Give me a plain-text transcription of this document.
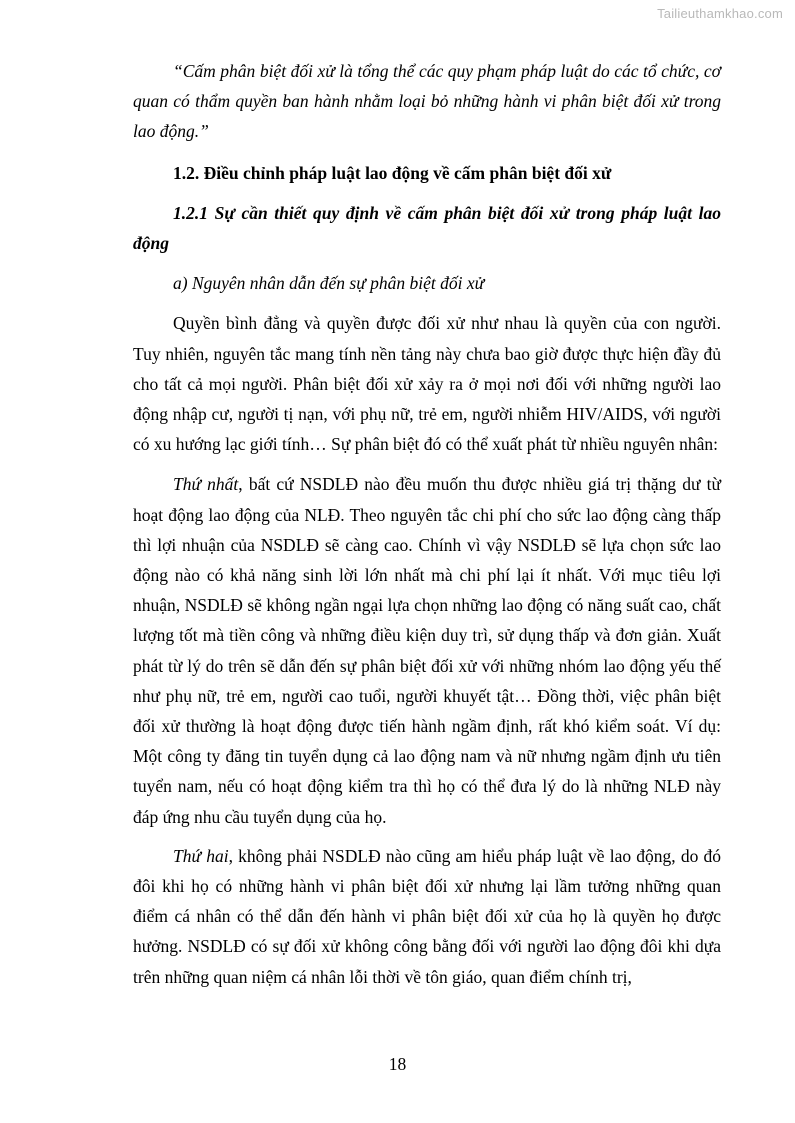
Tailieuthamkhao.com

“Cấm phân biệt đối xử là tổng thể các quy phạm pháp luật do các tổ chức, cơ quan có thẩm quyền ban hành nhằm loại bỏ những hành vi phân biệt đối xử trong lao động.”

1.2. Điều chỉnh pháp luật lao động về cấm phân biệt đối xử
1.2.1 Sự cần thiết quy định về cấm phân biệt đối xử trong pháp luật lao động
a) Nguyên nhân dẫn đến sự phân biệt đối xử

Quyền bình đẳng và quyền được đối xử như nhau là quyền của con người. Tuy nhiên, nguyên tắc mang tính nền tảng này chưa bao giờ được thực hiện đầy đủ cho tất cả mọi người. Phân biệt đối xử xảy ra ở mọi nơi đối với những người lao động nhập cư, người tị nạn, với phụ nữ, trẻ em, người nhiễm HIV/AIDS, với người có xu hướng lạc giới tính… Sự phân biệt đó có thể xuất phát từ nhiều nguyên nhân:

Thứ nhất, bất cứ NSDLĐ nào đều muốn thu được nhiều giá trị thặng dư từ hoạt động lao động của NLĐ. Theo nguyên tắc chi phí cho sức lao động càng thấp thì lợi nhuận của NSDLĐ sẽ càng cao. Chính vì vậy NSDLĐ sẽ lựa chọn sức lao động nào có khả năng sinh lời lớn nhất mà chi phí lại ít nhất. Với mục tiêu lợi nhuận, NSDLĐ sẽ không ngần ngại lựa chọn những lao động có năng suất cao, chất lượng tốt mà tiền công và những điều kiện duy trì, sử dụng thấp và đơn giản. Xuất phát từ lý do trên sẽ dẫn đến sự phân biệt đối xử với những nhóm lao động yếu thế như phụ nữ, trẻ em, người cao tuổi, người khuyết tật… Đồng thời, việc phân biệt đối xử thường là hoạt động được tiến hành ngầm định, rất khó kiểm soát. Ví dụ: Một công ty đăng tin tuyển dụng cả lao động nam và nữ nhưng ngầm định ưu tiên tuyển nam, nếu có hoạt động kiểm tra thì họ có thể đưa lý do là những NLĐ này đáp ứng nhu cầu tuyển dụng của họ.

Thứ hai, không phải NSDLĐ nào cũng am hiểu pháp luật về lao động, do đó đôi khi họ có những hành vi phân biệt đối xử nhưng lại lầm tưởng những quan điểm cá nhân có thể dẫn đến hành vi phân biệt đối xử của họ là quyền họ được hưởng. NSDLĐ có sự đối xử không công bằng đối với người lao động đôi khi dựa trên những quan niệm cá nhân lỗi thời về tôn giáo, quan điểm chính trị,

18
